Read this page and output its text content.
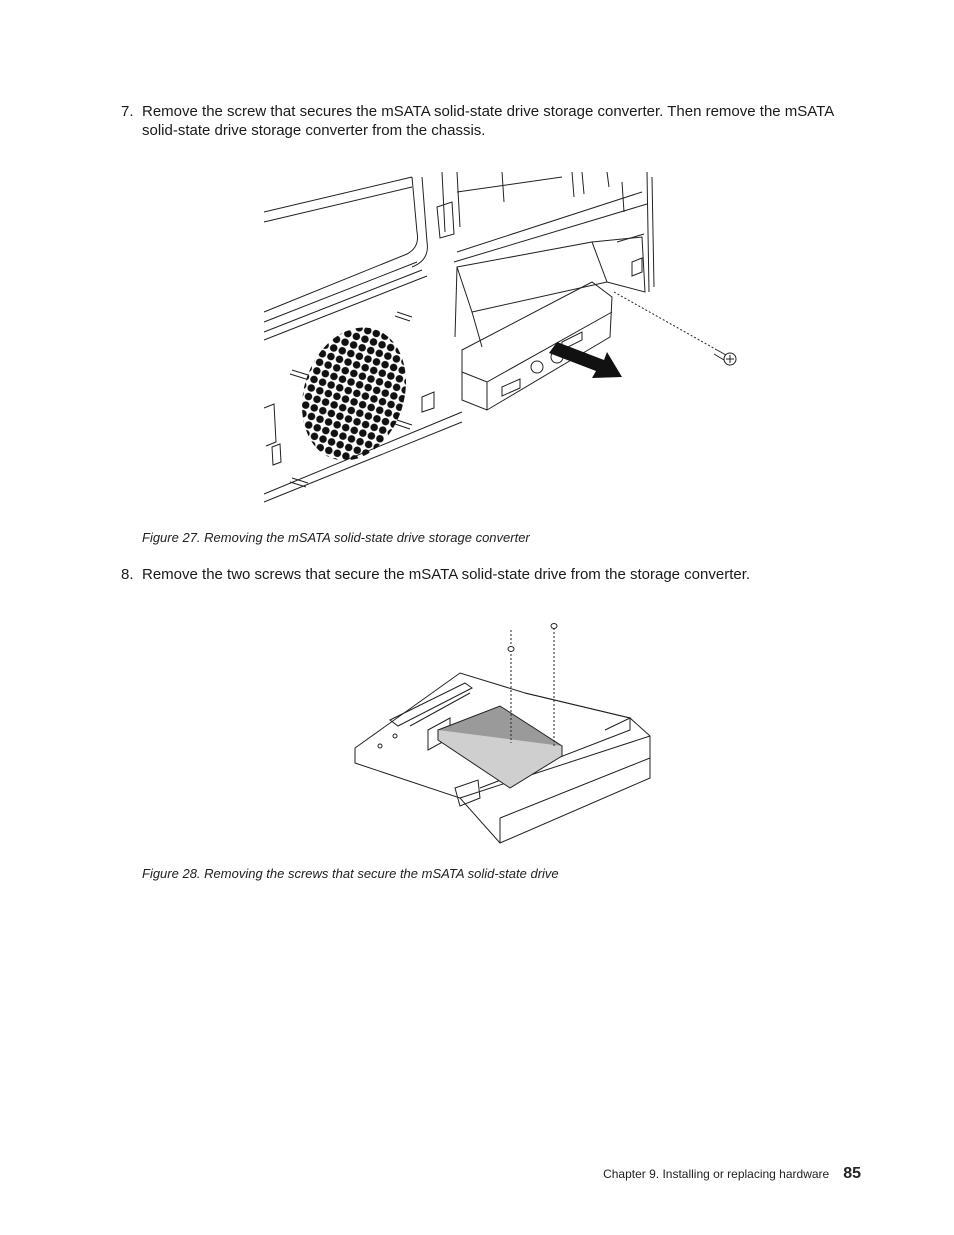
7. Remove the screw that secures the mSATA solid-state drive storage converter. Then remove the mSATA solid-state drive storage converter from the chassis.
Figure 27. Removing the mSATA solid-state drive storage converter
8. Remove the two screws that secure the mSATA solid-state drive from the storage converter.
Figure 28. Removing the screws that secure the mSATA solid-state drive
Chapter 9. Installing or replacing hardware 85
